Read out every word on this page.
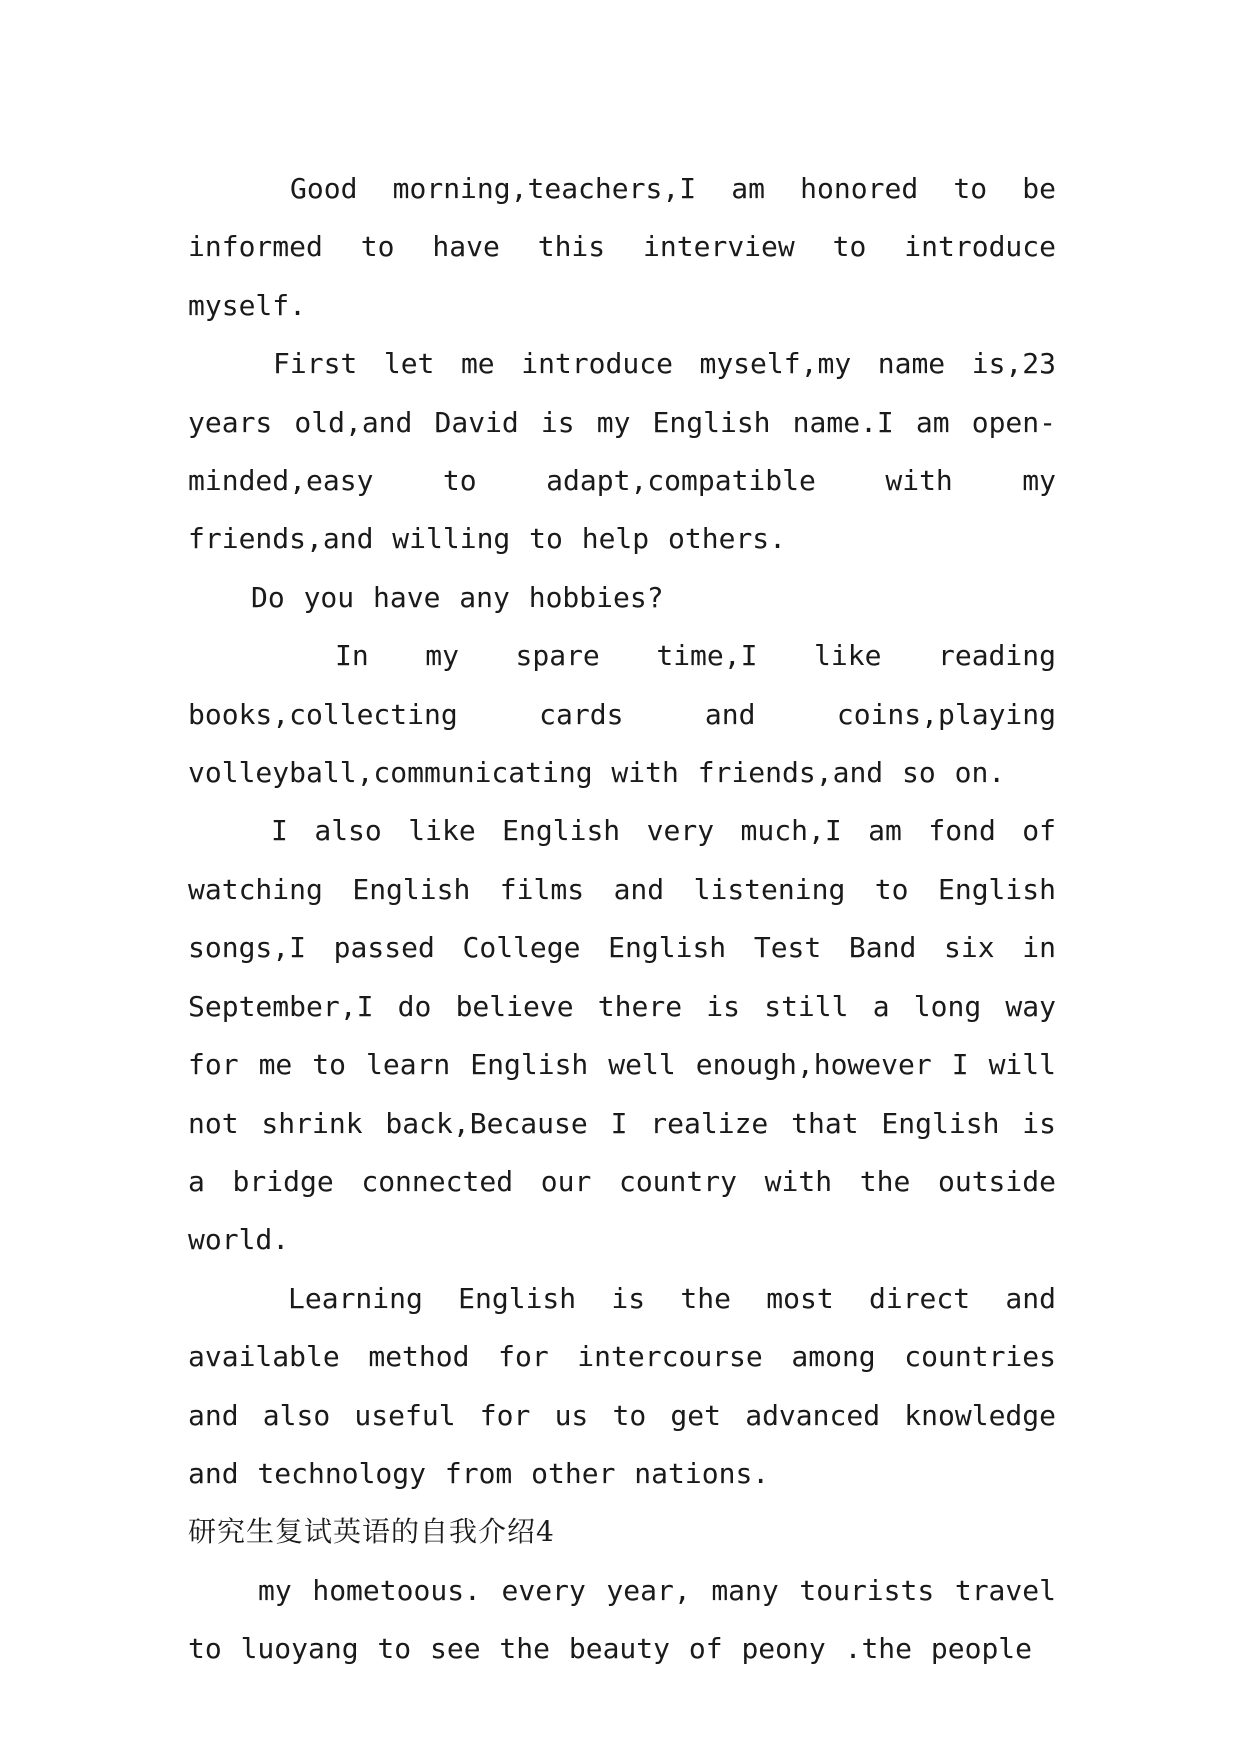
Good morning,teachers,I am honored to be informed to have this interview to introduce myself.

First let me introduce myself,my name is,23 years old,and David is my English name.I am open-minded,easy to adapt,compatible with my friends,and willing to help others.

Do you have any hobbies?

In my spare time,I like reading books,collecting cards and coins,playing volleyball,communicating with friends,and so on.

I also like English very much,I am fond of watching English films and listening to English songs,I passed College English Test Band six in September,I do believe there is still a long way for me to learn English well enough,however I will not shrink back,Because I realize that English is a bridge connected our country with the outside world.

Learning English is the most direct and available method for intercourse among countries and also useful for us to get advanced knowledge and technology from other nations.

研究生复试英语的自我介绍4

my hometoous. every year, many tourists travel to luoyang to see the beauty of peony .the people
